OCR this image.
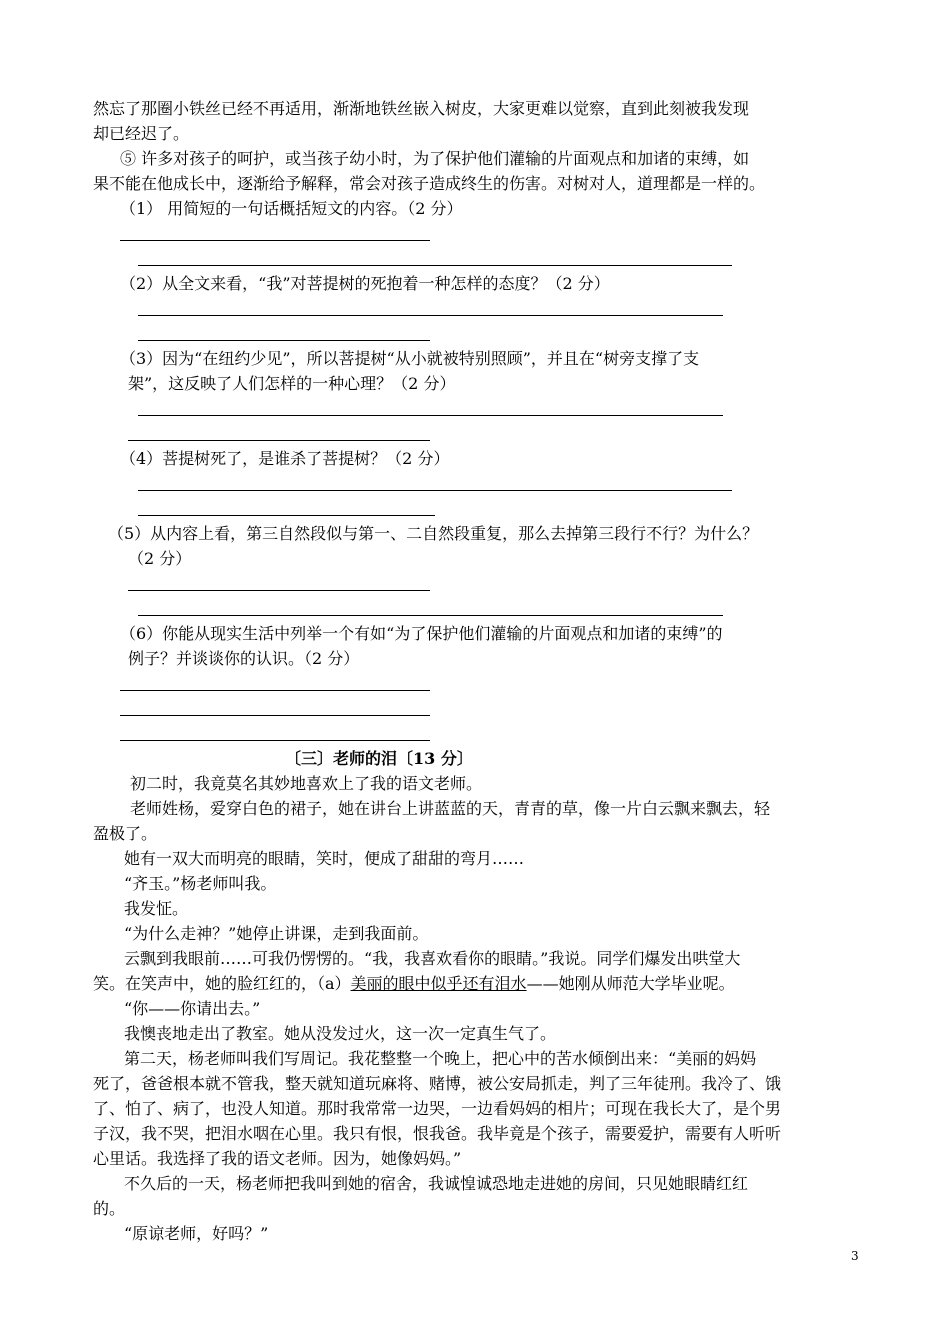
然忘了那圈小铁丝已经不再适用，渐渐地铁丝嵌入树皮，大家更难以觉察，直到此刻被我发现
却已经迟了。
⑤ 许多对孩子的呵护，或当孩子幼小时，为了保护他们灌输的片面观点和加诸的束缚，如
果不能在他成长中，逐渐给予解释，常会对孩子造成终生的伤害。对树对人，道理都是一样的。
（1） 用简短的一句话概括短文的内容。（2 分）
（2）从全文来看，“我”对菩提树的死抱着一种怎样的态度？（2 分）
（3）因为“在纽约少见”，所以菩提树“从小就被特别照顾”，并且在“树旁支撑了支
架”，这反映了人们怎样的一种心理？（2 分）
（4）菩提树死了，是谁杀了菩提树？（2 分）
（5）从内容上看，第三自然段似与第一、二自然段重复，那么去掉第三段行不行？为什么？
（2 分）
（6）你能从现实生活中列举一个有如“为了保护他们灌输的片面观点和加诸的束缚”的
例子？并谈谈你的认识。（2 分）
〔三〕老师的泪〔13 分〕
初二时，我竟莫名其妙地喜欢上了我的语文老师。
老师姓杨，爱穿白色的裙子，她在讲台上讲蓝蓝的天，青青的草，像一片白云飘来飘去，轻
盈极了。
她有一双大而明亮的眼睛，笑时，便成了甜甜的弯月……
“齐玉。”杨老师叫我。
我发怔。
“为什么走神？”她停止讲课，走到我面前。
云飘到我眼前……可我仍愣愣的。“我，我喜欢看你的眼睛。”我说。同学们爆发出哄堂大
笑。在笑声中，她的脸红红的，（a）美丽的眼中似乎还有泪水——她刚从师范大学毕业呢。
“你——你请出去。”
我懊丧地走出了教室。她从没发过火，这一次一定真生气了。
第二天，杨老师叫我们写周记。我花整整一个晚上，把心中的苦水倾倒出来：“美丽的妈妈
死了，爸爸根本就不管我，整天就知道玩麻将、赌博，被公安局抓走，判了三年徒刑。我冷了、饿
了、怕了、病了，也没人知道。那时我常常一边哭，一边看妈妈的相片；可现在我长大了，是个男
子汉，我不哭，把泪水咽在心里。我只有恨，恨我爸。我毕竟是个孩子，需要爱护，需要有人听听
心里话。我选择了我的语文老师。因为，她像妈妈。”
不久后的一天，杨老师把我叫到她的宿舍，我诚惶诚恐地走进她的房间，只见她眼睛红红
的。
“原谅老师，好吗？”
3
